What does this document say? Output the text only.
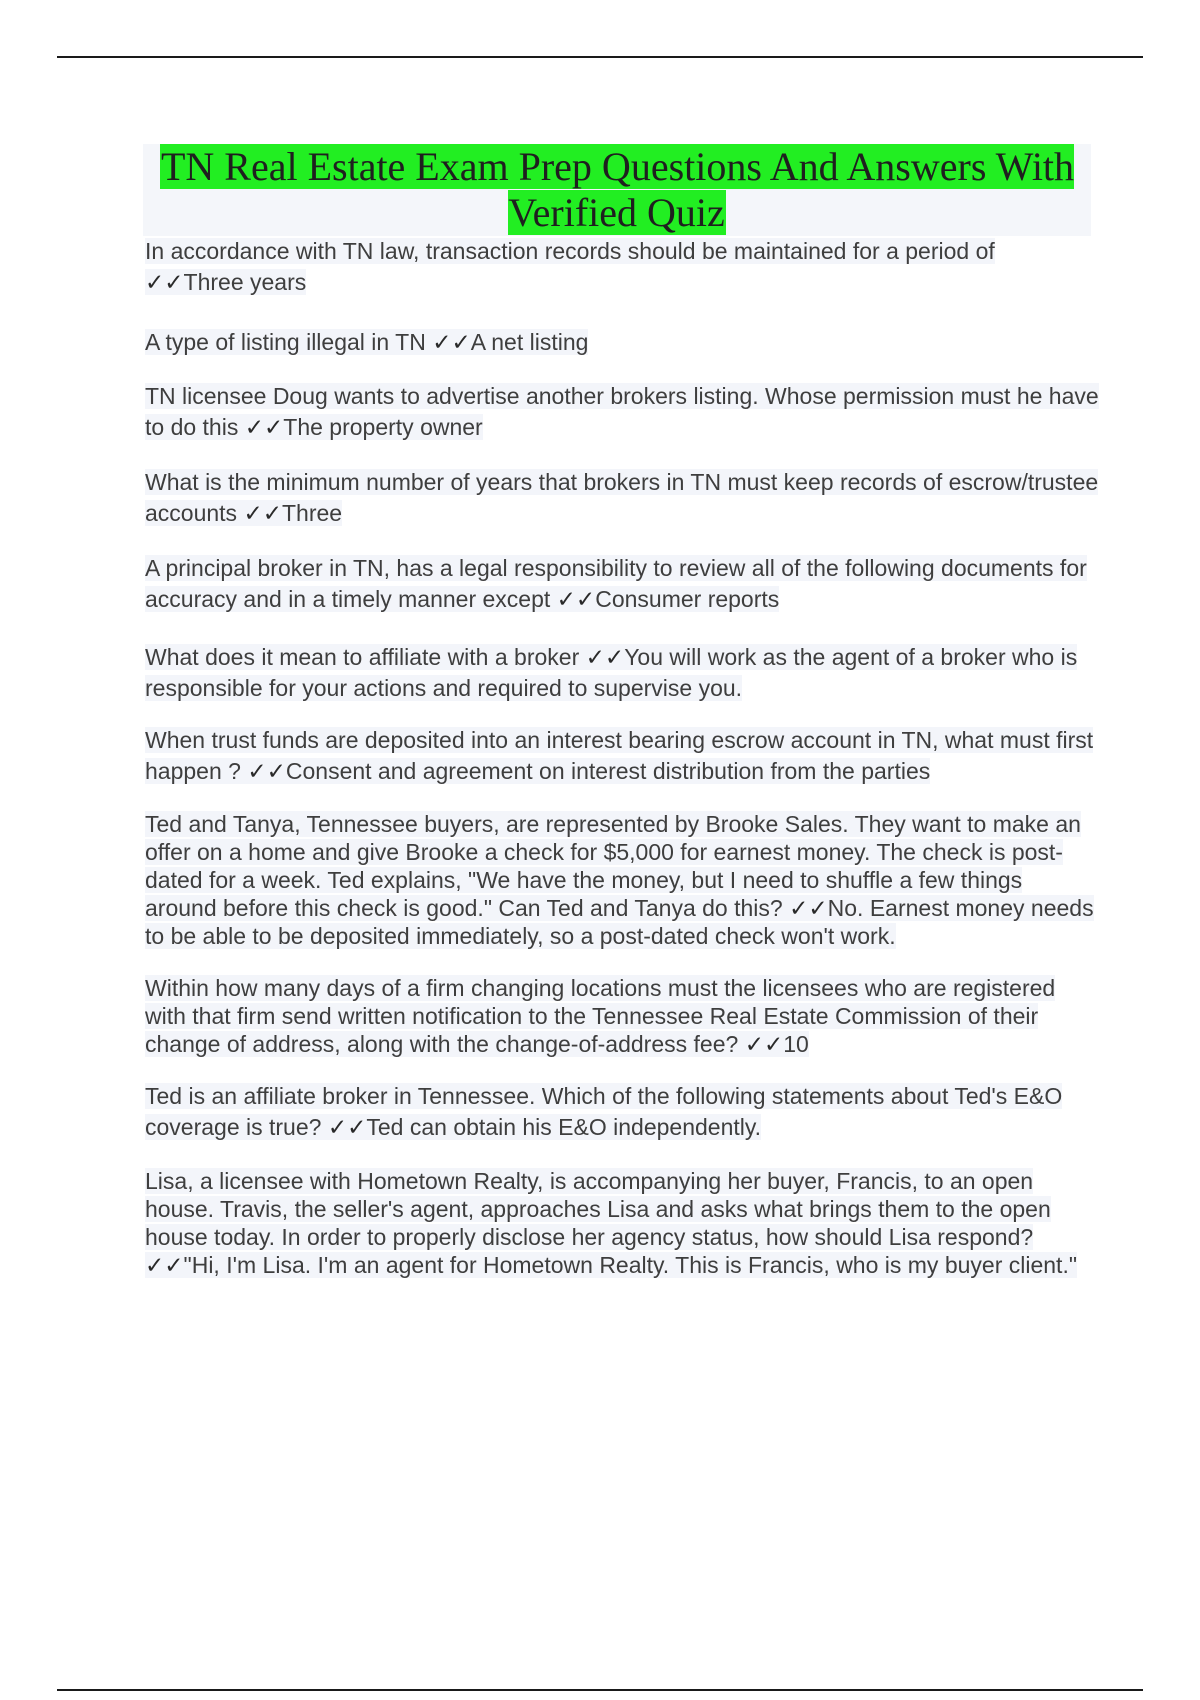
TN Real Estate Exam Prep Questions And Answers With Verified Quiz

In accordance with TN law, transaction records should be maintained for a period of
✓✓Three years

A type of listing illegal in TN ✓✓A net listing

TN licensee Doug wants to advertise another brokers listing. Whose permission must he have to do this ✓✓The property owner

What is the minimum number of years that brokers in TN must keep records of escrow/trustee accounts ✓✓Three

A principal broker in TN, has a legal responsibility to review all of the following documents for accuracy and in a timely manner except ✓✓Consumer reports

What does it mean to affiliate with a broker ✓✓You will work as the agent of a broker who is responsible for your actions and required to supervise you.

When trust funds are deposited into an interest bearing escrow account in TN, what must first happen ? ✓✓Consent and agreement on interest distribution from the parties

Ted and Tanya, Tennessee buyers, are represented by Brooke Sales. They want to make an offer on a home and give Brooke a check for $5,000 for earnest money. The check is post-dated for a week. Ted explains, "We have the money, but I need to shuffle a few things around before this check is good." Can Ted and Tanya do this? ✓✓No. Earnest money needs to be able to be deposited immediately, so a post-dated check won't work.

Within how many days of a firm changing locations must the licensees who are registered with that firm send written notification to the Tennessee Real Estate Commission of their change of address, along with the change-of-address fee? ✓✓10

Ted is an affiliate broker in Tennessee. Which of the following statements about Ted's E&O coverage is true? ✓✓Ted can obtain his E&O independently.

Lisa, a licensee with Hometown Realty, is accompanying her buyer, Francis, to an open house. Travis, the seller's agent, approaches Lisa and asks what brings them to the open house today. In order to properly disclose her agency status, how should Lisa respond? ✓✓"Hi, I'm Lisa. I'm an agent for Hometown Realty. This is Francis, who is my buyer client."
